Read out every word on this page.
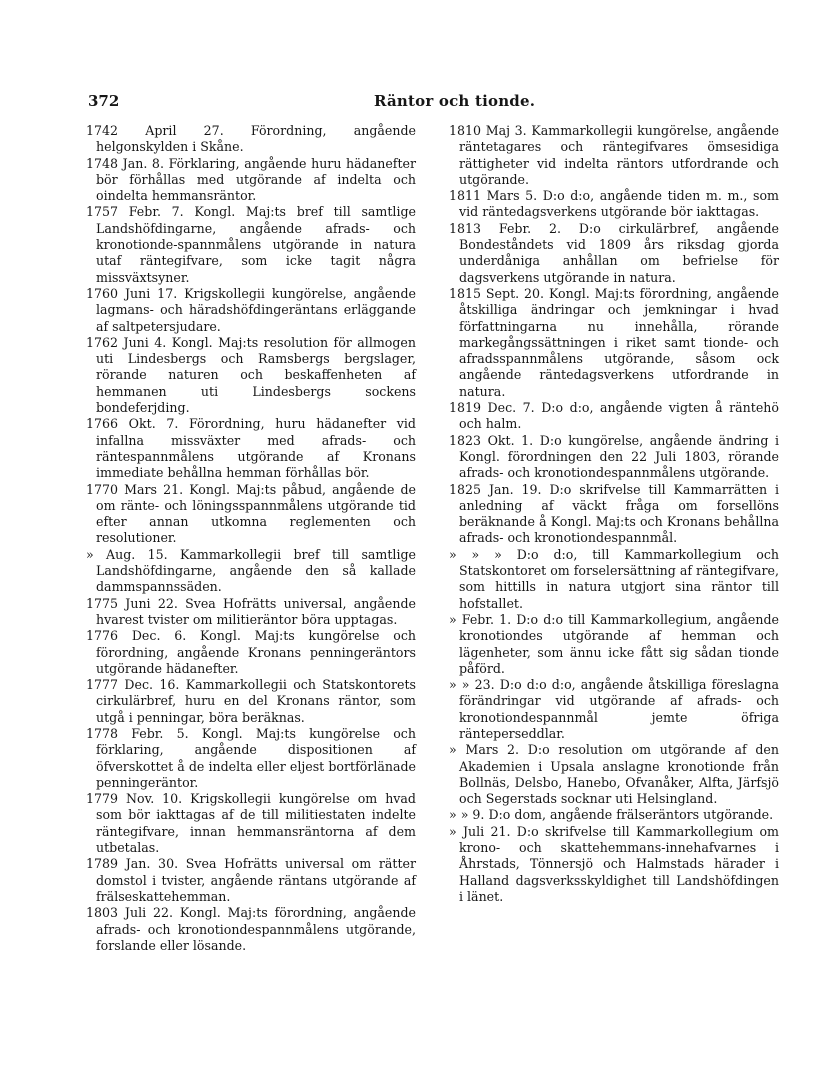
372	Räntor och tionde.

1742 April 27. Förordning, angående helgonskylden i Skåne.

1748 Jan. 8. Förklaring, angående huru hädanefter bör förhållas med utgörande af indelta och oindelta hemmansräntor.

1757 Febr. 7. Kongl. Maj:ts bref till samtlige Landshöfdingarne, angående afrads- och kronotionde-spannmålens utgörande in natura utaf räntegifvare, som icke tagit några missväxtsyner.

1760 Juni 17. Krigskollegii kungörelse, angående lagmans- och häradshöfdingeräntans erläggande af saltpetersjudare.

1762 Juni 4. Kongl. Maj:ts resolution för allmogen uti Lindesbergs och Ramsbergs bergslager, rörande naturen och beskaffenheten af hemmanen uti Lindesbergs sockens bondeferjding.

1766 Okt. 7. Förordning, huru hädanefter vid infallna missväxter med afrads- och räntespannmålens utgörande af Kronans immediate behållna hemman förhållas bör.

1770 Mars 21. Kongl. Maj:ts påbud, angående de om ränte- och löningsspannmålens utgörande tid efter annan utkomna reglementen och resolutioner.

» Aug. 15. Kammarkollegii bref till samtlige Landshöfdingarne, angående den så kallade dammspannssäden.

1775 Juni 22. Svea Hofrätts universal, angående hvarest tvister om militieräntor böra upptagas.

1776 Dec. 6. Kongl. Maj:ts kungörelse och förordning, angående Kronans penningeräntors utgörande hädanefter.

1777 Dec. 16. Kammarkollegii och Statskontorets cirkulärbref, huru en del Kronans räntor, som utgå i penningar, böra beräknas.

1778 Febr. 5. Kongl. Maj:ts kungörelse och förklaring, angående dispositionen af öfverskottet å de indelta eller eljest bortförlänade penningeräntor.

1779 Nov. 10. Krigskollegii kungörelse om hvad som bör iakttagas af de till militiestaten indelte räntegifvare, innan hemmansräntorna af dem utbetalas.

1789 Jan. 30. Svea Hofrätts universal om rätter domstol i tvister, angående räntans utgörande af frälseskattehemman.

1803 Juli 22. Kongl. Maj:ts förordning, angående afrads- och kronotiondespannmålens utgörande, forslande eller lösande.

1810 Maj 3. Kammarkollegii kungörelse, angående räntetagares och räntegifvares ömsesidiga rättigheter vid indelta räntors utfordrande och utgörande.

1811 Mars 5. D:o d:o, angående tiden m. m., som vid räntedagsverkens utgörande bör iakttagas.

1813 Febr. 2. D:o cirkulärbref, angående Bondeståndets vid 1809 års riksdag gjorda underdåniga anhållan om befrielse för dagsverkens utgörande in natura.

1815 Sept. 20. Kongl. Maj:ts förordning, angående åtskilliga ändringar och jemkningar i hvad författningarna nu innehålla, rörande markegångssättningen i riket samt tionde- och afradsspannmålens utgörande, såsom ock angående räntedagsverkens utfordrande in natura.

1819 Dec. 7. D:o d:o, angående vigten å räntehö och halm.

1823 Okt. 1. D:o kungörelse, angående ändring i Kongl. förordningen den 22 Juli 1803, rörande afrads- och kronotiondespannmålens utgörande.

1825 Jan. 19. D:o skrifvelse till Kammarrätten i anledning af väckt fråga om forsellöns beräknande å Kongl. Maj:ts och Kronans behållna afrads- och kronotiondespannmål.

» » » D:o d:o, till Kammarkollegium och Statskontoret om forselersättning af räntegifvare, som hittills in natura utgjort sina räntor till hofstallet.

» Febr. 1. D:o d:o till Kammarkollegium, angående kronotiondes utgörande af hemman och lägenheter, som ännu icke fått sig sådan tionde påförd.

» » 23. D:o d:o d:o, angående åtskilliga föreslagna förändringar vid utgörande af afrads- och kronotiondespannmål jemte öfriga ränteperseddlar.

» Mars 2. D:o resolution om utgörande af den Akademien i Upsala anslagne kronotionde från Bollnäs, Delsbo, Hanebo, Ofvanåker, Alfta, Järfsjö och Segerstads socknar uti Helsingland.

» » 9. D:o dom, angående frälseräntors utgörande.

» Juli 21. D:o skrifvelse till Kammarkollegium om krono- och skattehemmans-innehafvarnes i Åhrstads, Tönnersjö och Halmstads härader i Halland dagsverksskyldighet till Landshöfdingen i länet.
